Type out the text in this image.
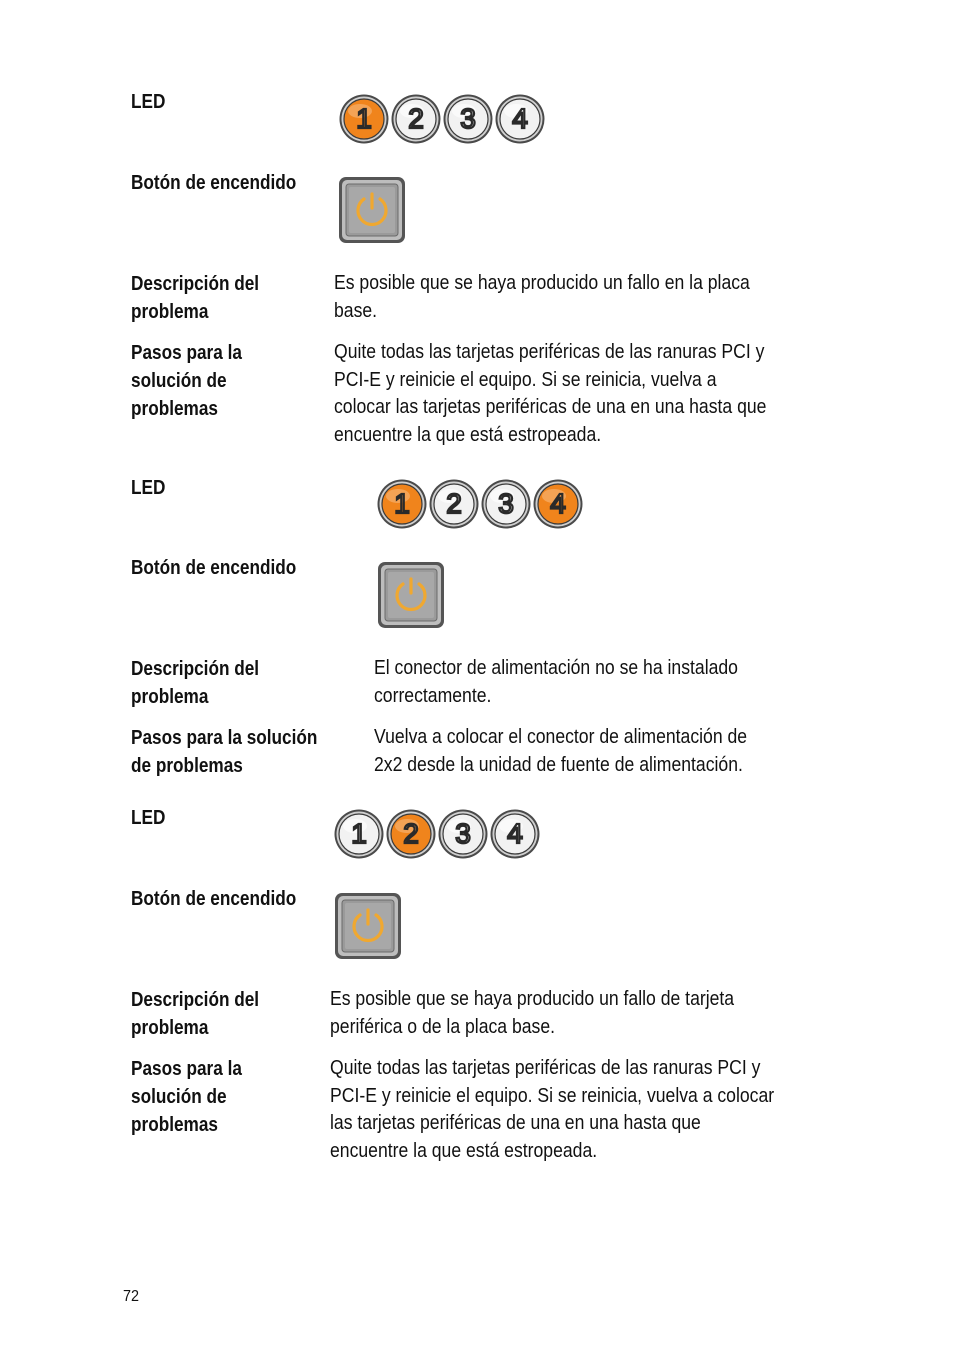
LED
1 2 3 4
Botón de encendido
Descripción del
problema
Es posible que se haya producido un fallo en la placa
base.
Pasos para la
solución de
problemas
Quite todas las tarjetas periféricas de las ranuras PCI y
PCI-E y reinicie el equipo. Si se reinicia, vuelva a
colocar las tarjetas periféricas de una en una hasta que
encuentre la que está estropeada.
LED	1 2 3 4
Botón de encendido
Descripción del
problema
El conector de alimentación no se ha instalado
correctamente.
Pasos para la solución
de problemas
Vuelva a colocar el conector de alimentación de
2x2 desde la unidad de fuente de alimentación.
LED	1 2 3 4
Botón de encendido
Descripción del
problema
Es posible que se haya producido un fallo de tarjeta
periférica o de la placa base.
Pasos para la
solución de
problemas
Quite todas las tarjetas periféricas de las ranuras PCI y
PCI-E y reinicie el equipo. Si se reinicia, vuelva a colocar
las tarjetas periféricas de una en una hasta que
encuentre la que está estropeada.
72
